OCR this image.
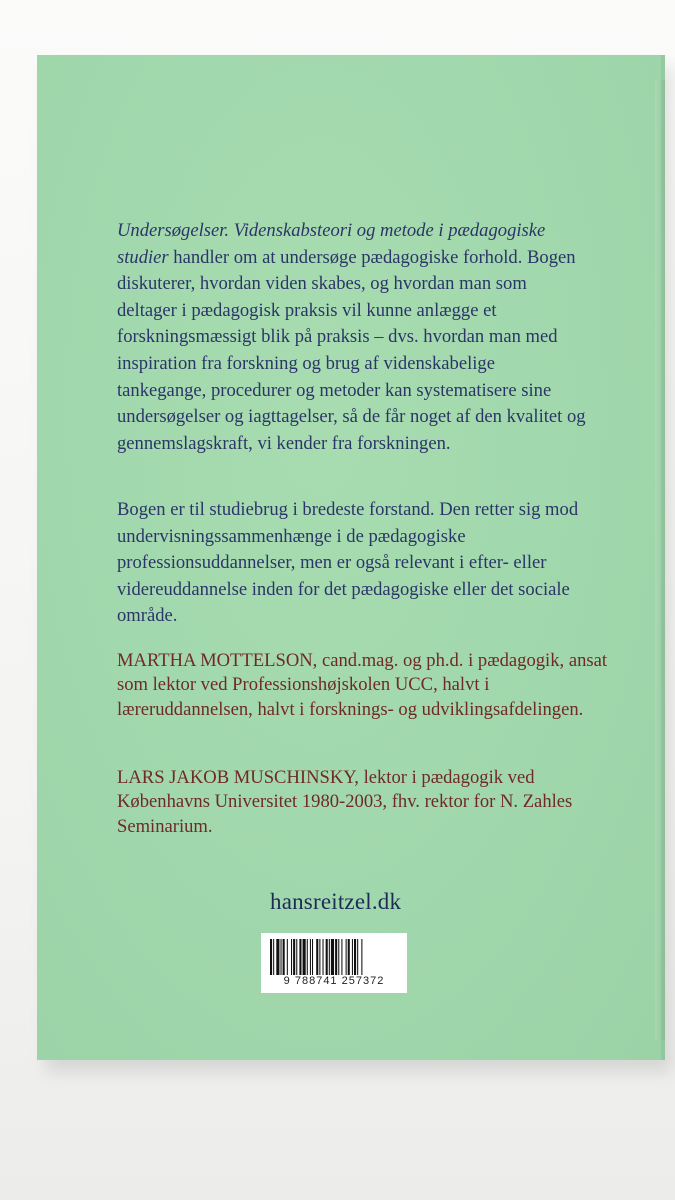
Undersøgelser. Videnskabsteori og metode i pædagogiske studier handler om at undersøge pædagogiske forhold. Bogen diskuterer, hvordan viden skabes, og hvordan man som deltager i pædagogisk praksis vil kunne anlægge et forskningsmæssigt blik på praksis – dvs. hvordan man med inspiration fra forskning og brug af videnskabelige tankegange, procedurer og metoder kan systematisere sine undersøgelser og iagttagelser, så de får noget af den kvalitet og gennemslagskraft, vi kender fra forskningen.
Bogen er til studiebrug i bredeste forstand. Den retter sig mod undervisningssammenhænge i de pædagogiske professionsuddannelser, men er også relevant i efter- eller videreuddannelse inden for det pædagogiske eller det sociale område.
MARTHA MOTTELSON, cand.mag. og ph.d. i pædagogik, ansat som lektor ved Professionshøjskolen UCC, halvt i læreruddannelsen, halvt i forsknings- og udviklingsafdelingen.
LARS JAKOB MUSCHINSKY, lektor i pædagogik ved Københavns Universitet 1980-2003, fhv. rektor for N. Zahles Seminarium.
hansreitzel.dk
9 788741 257372
